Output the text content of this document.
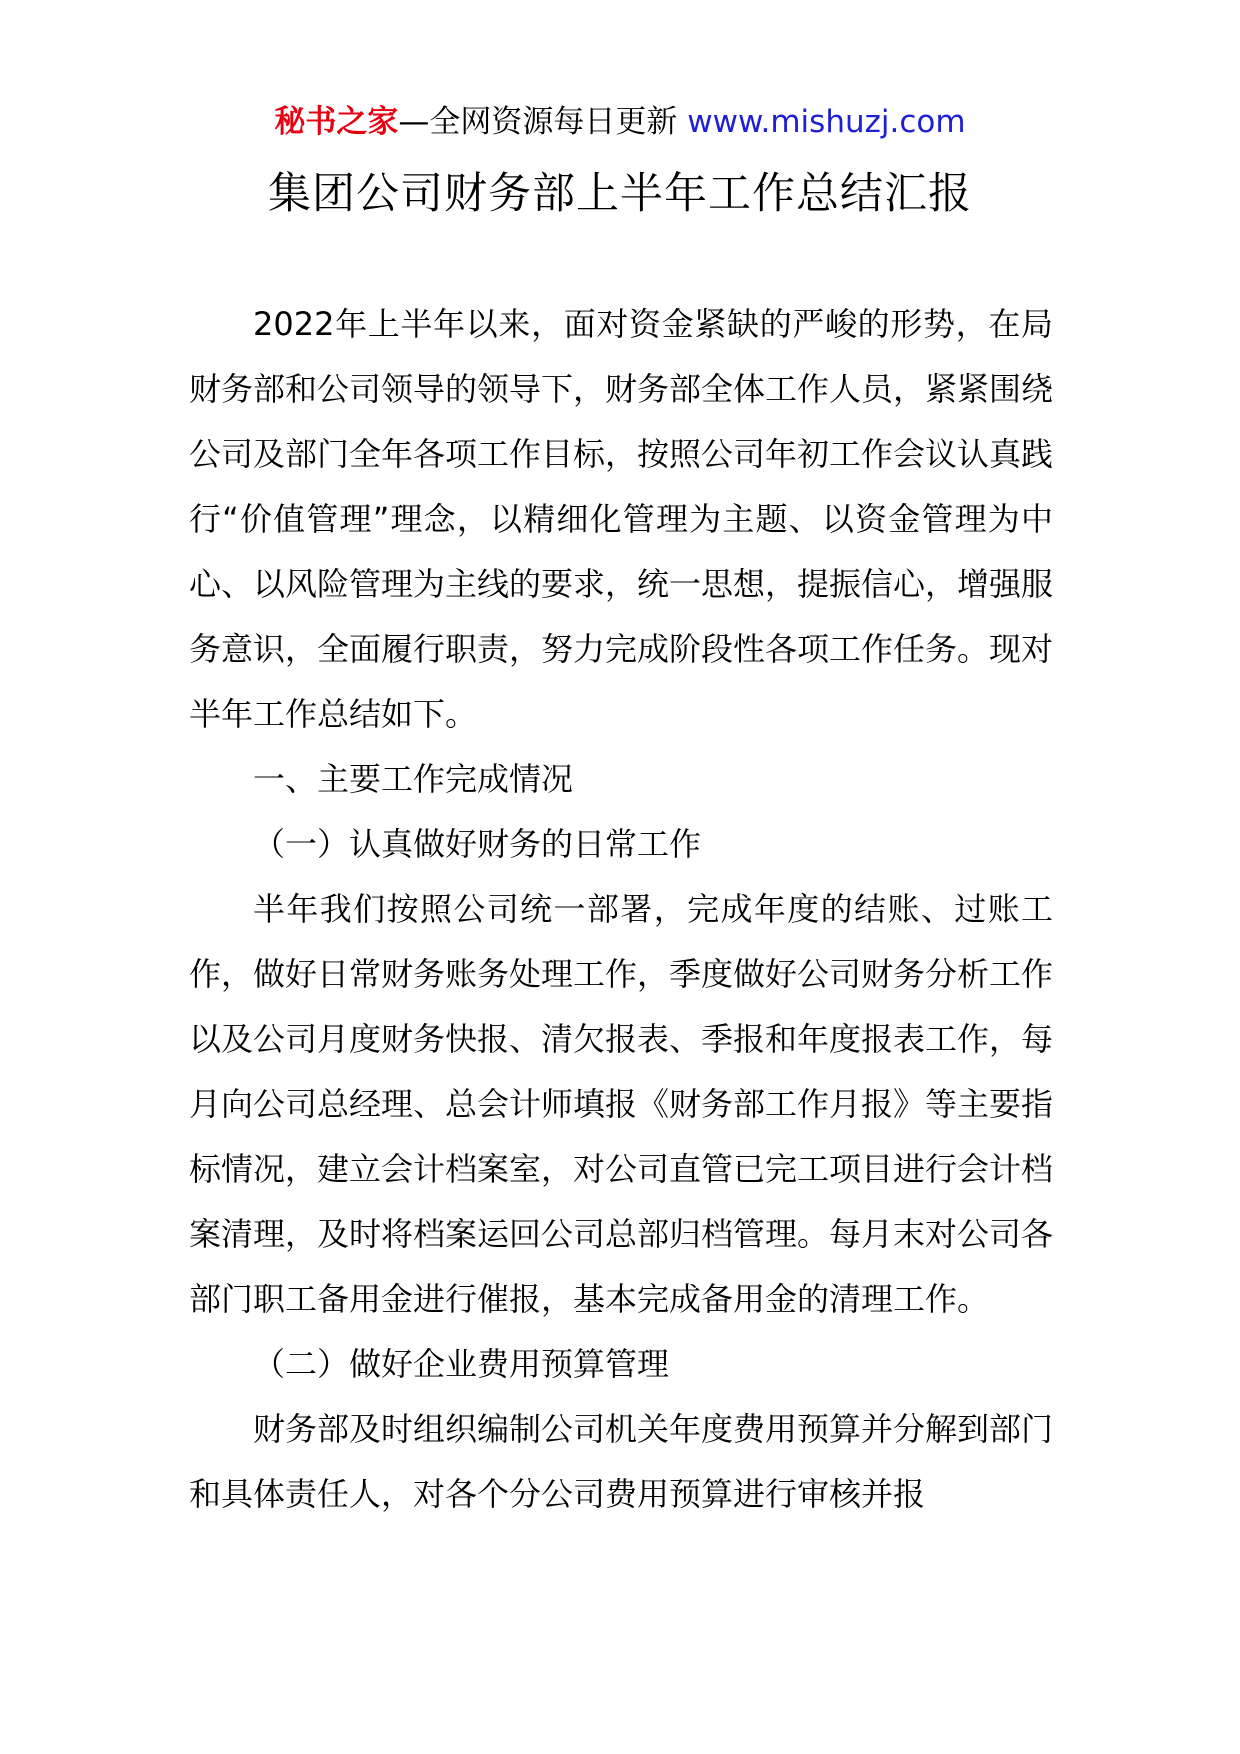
秘书之家—全网资源每日更新 www.mishuzj.com
集团公司财务部上半年工作总结汇报

2022年上半年以来，面对资金紧缺的严峻的形势，在局财务部和公司领导的领导下，财务部全体工作人员，紧紧围绕公司及部门全年各项工作目标，按照公司年初工作会议认真践行“价值管理”理念，以精细化管理为主题、以资金管理为中心、以风险管理为主线的要求，统一思想，提振信心，增强服务意识，全面履行职责，努力完成阶段性各项工作任务。现对半年工作总结如下。

一、主要工作完成情况

（一）认真做好财务的日常工作

半年我们按照公司统一部署，完成年度的结账、过账工作，做好日常财务账务处理工作，季度做好公司财务分析工作以及公司月度财务快报、清欠报表、季报和年度报表工作，每月向公司总经理、总会计师填报《财务部工作月报》等主要指标情况，建立会计档案室，对公司直管已完工项目进行会计档案清理，及时将档案运回公司总部归档管理。每月末对公司各部门职工备用金进行催报，基本完成备用金的清理工作。

（二）做好企业费用预算管理

财务部及时组织编制公司机关年度费用预算并分解到部门和具体责任人，对各个分公司费用预算进行审核并报
